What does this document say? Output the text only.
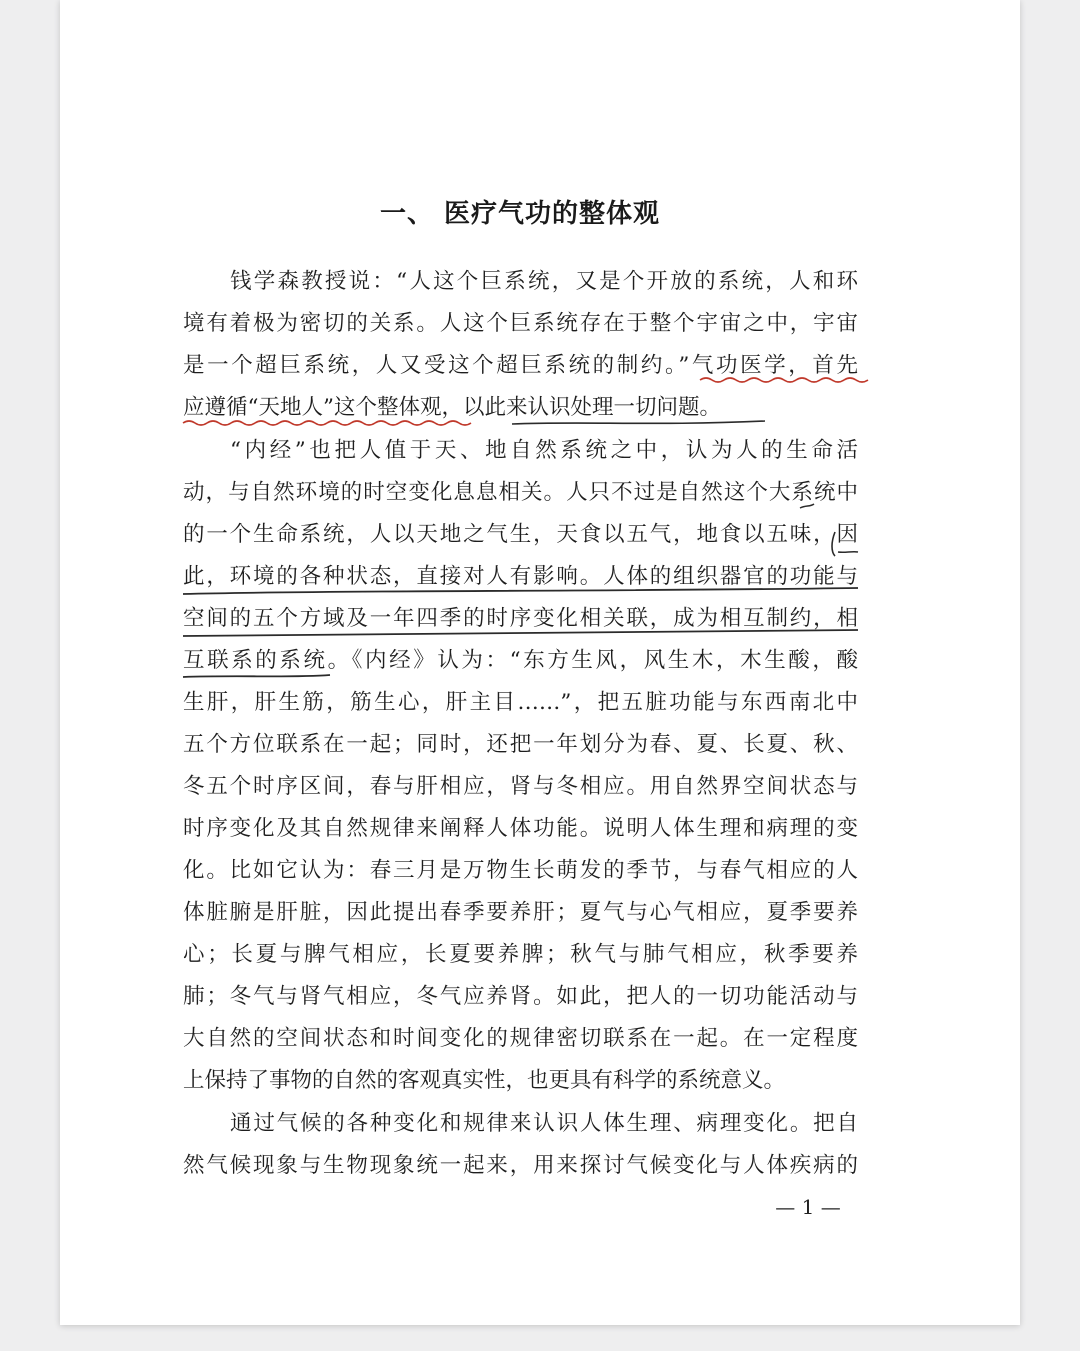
一、 医疗气功的整体观
钱学森教授说：“人这个巨系统，又是个开放的系统，人和环
境有着极为密切的关系。人这个巨系统存在于整个宇宙之中，宇宙
是一个超巨系统，人又受这个超巨系统的制约。”气功医学，首先
应遵循“天地人”这个整体观，以此来认识处理一切问题。
“内经”也把人值于天、地自然系统之中，认为人的生命活
动，与自然环境的时空变化息息相关。人只不过是自然这个大系统中
的一个生命系统，人以天地之气生，天食以五气，地食以五味，因
此，环境的各种状态，直接对人有影响。人体的组织器官的功能与
空间的五个方域及一年四季的时序变化相关联，成为相互制约，相
互联系的系统。《内经》认为：“东方生风，风生木，木生酸，酸
生肝，肝生筋，筋生心，肝主目……”，把五脏功能与东西南北中
五个方位联系在一起；同时，还把一年划分为春、夏、长夏、秋、
冬五个时序区间，春与肝相应，肾与冬相应。用自然界空间状态与
时序变化及其自然规律来阐释人体功能。说明人体生理和病理的变
化。比如它认为：春三月是万物生长萌发的季节，与春气相应的人
体脏腑是肝脏，因此提出春季要养肝；夏气与心气相应，夏季要养
心；长夏与脾气相应，长夏要养脾；秋气与肺气相应，秋季要养
肺；冬气与肾气相应，冬气应养肾。如此，把人的一切功能活动与
大自然的空间状态和时间变化的规律密切联系在一起。在一定程度
上保持了事物的自然的客观真实性，也更具有科学的系统意义。
通过气候的各种变化和规律来认识人体生理、病理变化。把自
然气候现象与生物现象统一起来，用来探讨气候变化与人体疾病的
— 1 —
